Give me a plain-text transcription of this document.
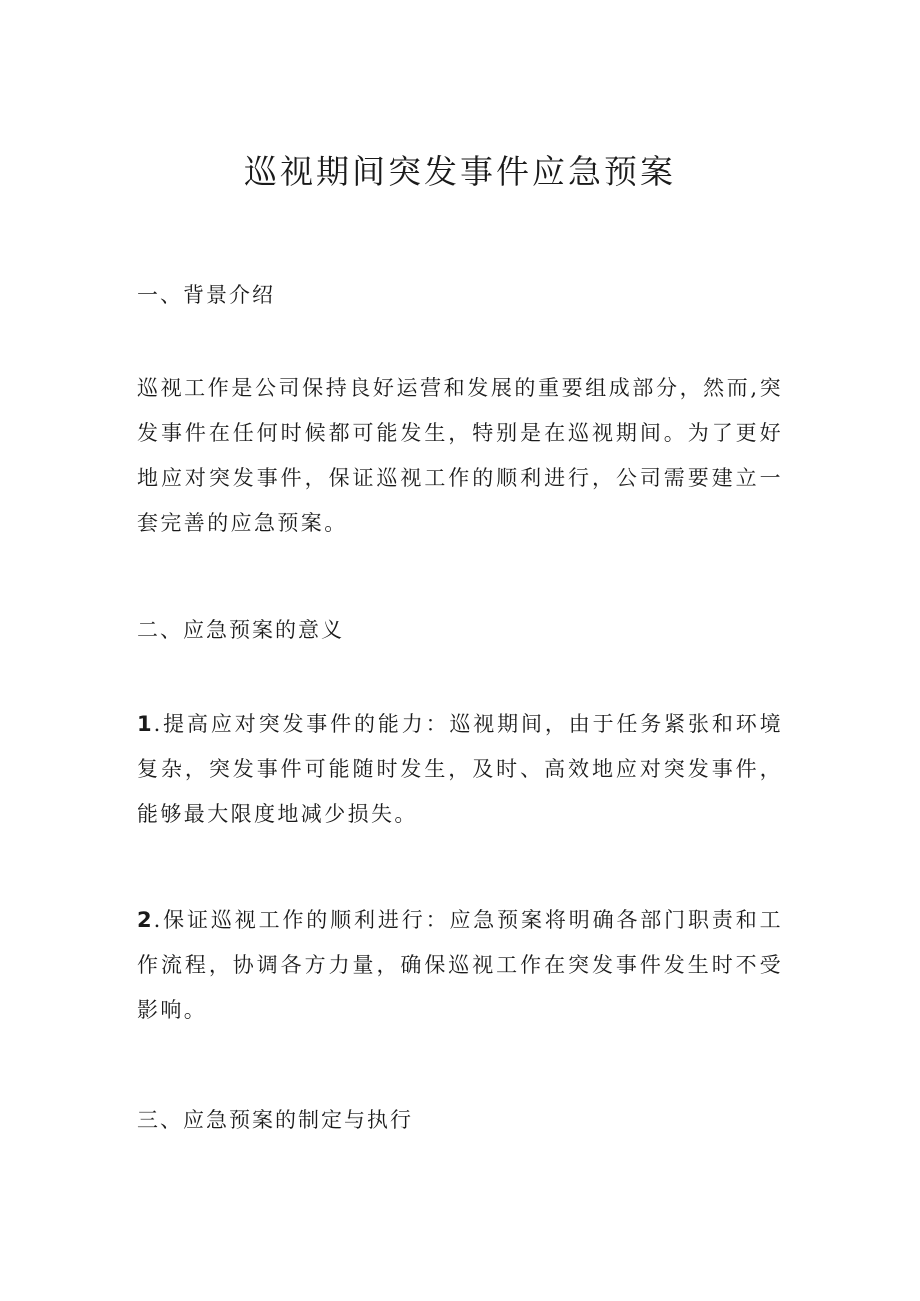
巡视期间突发事件应急预案
一、背景介绍

巡视工作是公司保持良好运营和发展的重要组成部分，然而,突发事件在任何时候都可能发生，特别是在巡视期间。为了更好地应对突发事件，保证巡视工作的顺利进行，公司需要建立一套完善的应急预案。

二、应急预案的意义

1.提高应对突发事件的能力：巡视期间，由于任务紧张和环境复杂，突发事件可能随时发生，及时、高效地应对突发事件，能够最大限度地减少损失。

2.保证巡视工作的顺利进行：应急预案将明确各部门职责和工作流程，协调各方力量，确保巡视工作在突发事件发生时不受影响。

三、应急预案的制定与执行
